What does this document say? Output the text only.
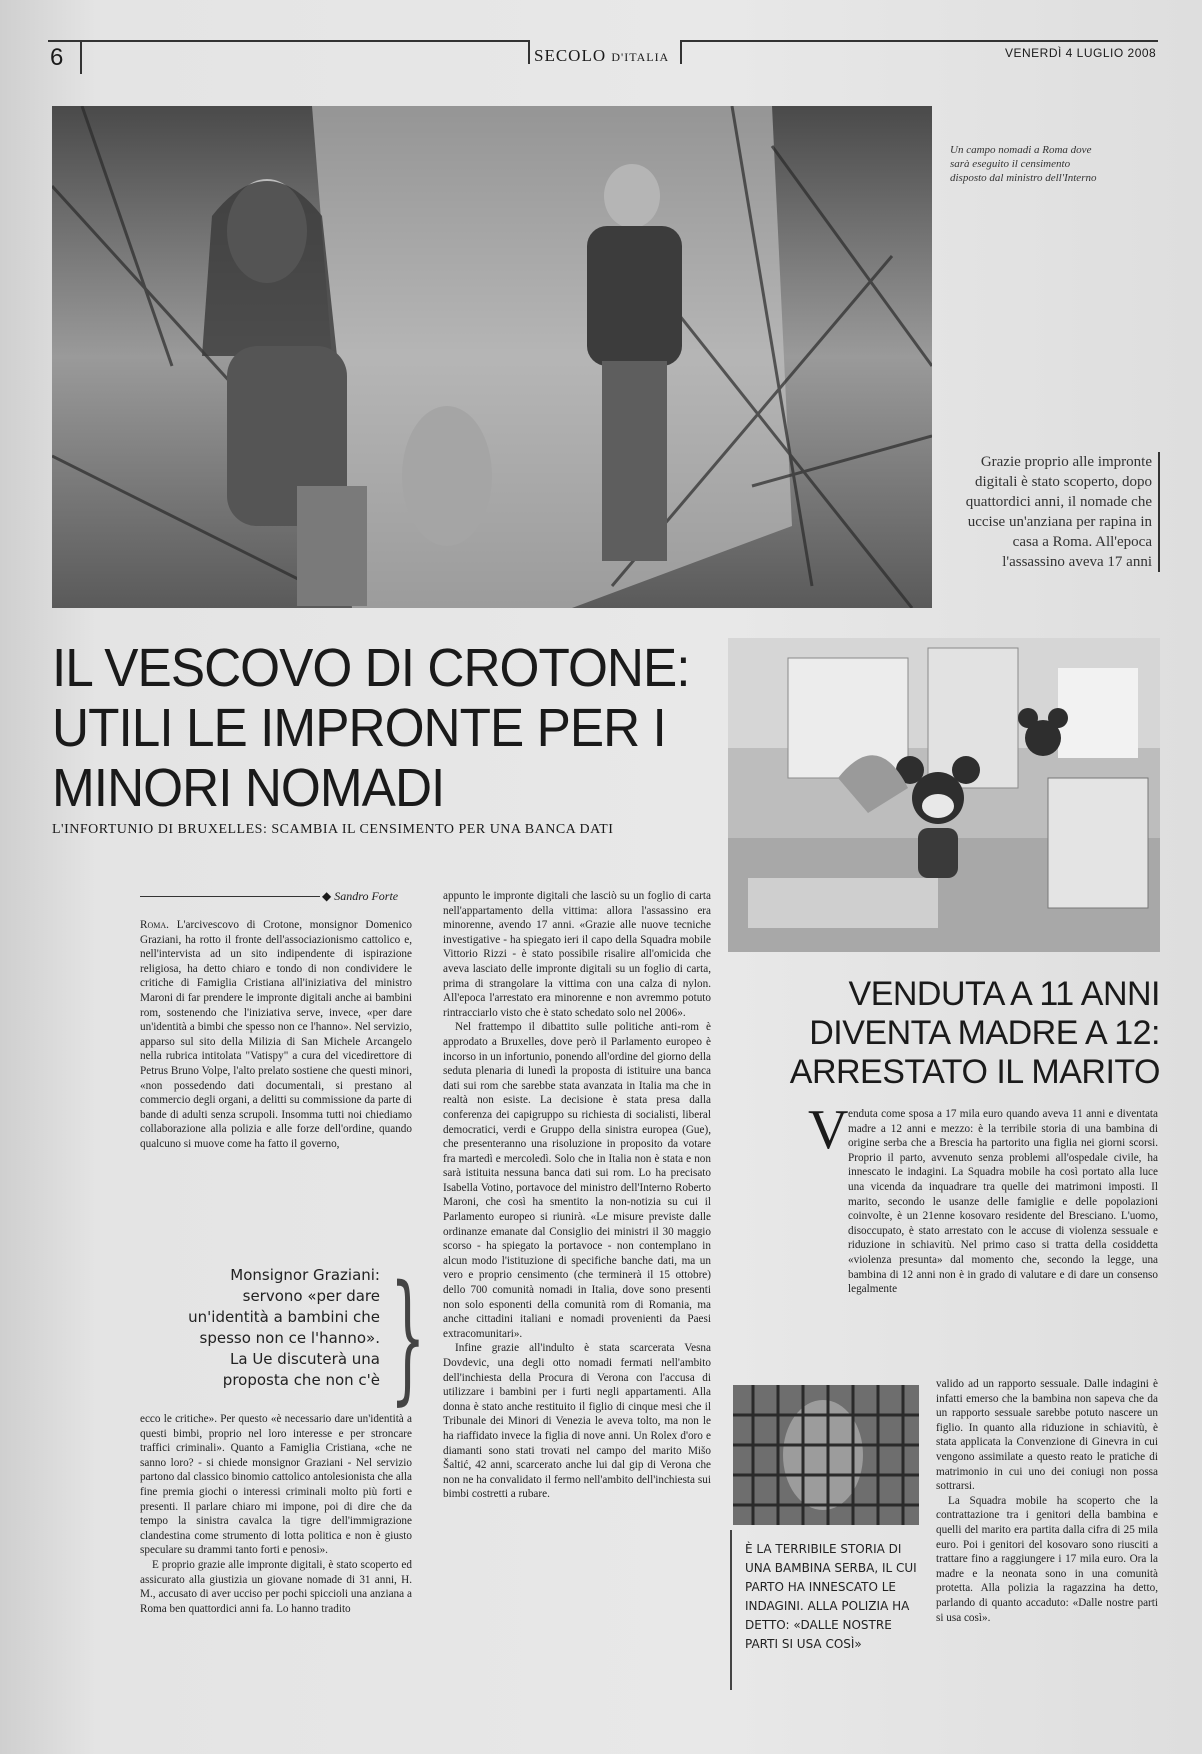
6	SECOLO D'ITALIA	VENERDÌ 4 LUGLIO 2008
Un campo nomadi a Roma dove sarà eseguito il censimento disposto dal ministro dell'Interno
Grazie proprio alle impronte digitali è stato scoperto, dopo quattordici anni, il nomade che uccise un'anziana per rapina in casa a Roma. All'epoca l'assassino aveva 17 anni
IL VESCOVO DI CROTONE: UTILI LE IMPRONTE PER I MINORI NOMADI
L'INFORTUNIO DI BRUXELLES: SCAMBIA IL CENSIMENTO PER UNA BANCA DATI
◆ Sandro Forte

Roma. L'arcivescovo di Crotone, monsignor Domenico Graziani, ha rotto il fronte dell'associazionismo cattolico e, nell'intervista ad un sito indipendente di ispirazione religiosa, ha detto chiaro e tondo di non condividere le critiche di Famiglia Cristiana all'iniziativa del ministro Maroni di far prendere le impronte digitali anche ai bambini rom, sostenendo che l'iniziativa serve, invece, «per dare un'identità a bimbi che spesso non ce l'hanno». Nel servizio, apparso sul sito della Milizia di San Michele Arcangelo nella rubrica intitolata "Vatispy" a cura del vicedirettore di Petrus Bruno Volpe, l'alto prelato sostiene che questi minori, «non possedendo dati documentali, si prestano al commercio degli organi, a delitti su commissione da parte di bande di adulti senza scrupoli. Insomma tutti noi chiediamo collaborazione alla polizia e alle forze dell'ordine, quando qualcuno si muove come ha fatto il governo,

Monsignor Graziani: servono «per dare un'identità a bambini che spesso non ce l'hanno». La Ue discuterà una proposta che non c'è }

ecco le critiche». Per questo «è necessario dare un'identità a questi bimbi, proprio nel loro interesse e per stroncare traffici criminali». Quanto a Famiglia Cristiana, «che ne sanno loro? - si chiede monsignor Graziani - Nel servizio partono dal classico binomio cattolico antolesionista che alla fine premia giochi o interessi criminali molto più forti e presenti. Il parlare chiaro mi impone, poi di dire che da tempo la sinistra cavalca la tigre dell'immigrazione clandestina come strumento di lotta politica e non è giusto speculare su drammi tanto forti e penosi».

E proprio grazie alle impronte digitali, è stato scoperto ed assicurato alla giustizia un giovane nomade di 31 anni, H. M., accusato di aver ucciso per pochi spiccioli una anziana a Roma ben quattordici anni fa. Lo hanno tradito

appunto le impronte digitali che lasciò su un foglio di carta nell'appartamento della vittima: allora l'assassino era minorenne, avendo 17 anni. «Grazie alle nuove tecniche investigative - ha spiegato ieri il capo della Squadra mobile Vittorio Rizzi - è stato possibile risalire all'omicida che aveva lasciato delle impronte digitali su un foglio di carta, prima di strangolare la vittima con una calza di nylon. All'epoca l'arrestato era minorenne e non avremmo potuto rintracciarlo visto che è stato schedato solo nel 2006».

Nel frattempo il dibattito sulle politiche anti-rom è approdato a Bruxelles, dove però il Parlamento europeo è incorso in un infortunio, ponendo all'ordine del giorno della seduta plenaria di lunedì la proposta di istituire una banca dati sui rom che sarebbe stata avanzata in Italia ma che in realtà non esiste. La decisione è stata presa dalla conferenza dei capigruppo su richiesta di socialisti, liberal democratici, verdi e Gruppo della sinistra europea (Gue), che presenteranno una risoluzione in proposito da votare fra martedì e mercoledì. Solo che in Italia non è stata e non sarà istituita nessuna banca dati sui rom. Lo ha precisato Isabella Votino, portavoce del ministro dell'Interno Roberto Maroni, che così ha smentito la non-notizia su cui il Parlamento europeo si riunirà. «Le misure previste dalle ordinanze emanate dal Consiglio dei ministri il 30 maggio scorso - ha spiegato la portavoce - non contemplano in alcun modo l'istituzione di specifiche banche dati, ma un vero e proprio censimento (che terminerà il 15 ottobre) dello 700 comunità nomadi in Italia, dove sono presenti non solo esponenti della comunità rom di Romania, ma anche cittadini italiani e nomadi provenienti da Paesi extracomunitari».

Infine grazie all'indulto è stata scarcerata Vesna Dovdevic, una degli otto nomadi fermati nell'ambito dell'inchiesta della Procura di Verona con l'accusa di utilizzare i bambini per i furti negli appartamenti. Alla donna è stato anche restituito il figlio di cinque mesi che il Tribunale dei Minori di Venezia le aveva tolto, ma non le ha riaffidato invece la figlia di nove anni. Un Rolex d'oro e diamanti sono stati trovati nel campo del marito Mišo Šaltić, 42 anni, scarcerato anche lui dal gip di Verona che non ne ha convalidato il fermo nell'ambito dell'inchiesta sui bimbi costretti a rubare.

VENDUTA A 11 ANNI DIVENTA MADRE A 12: ARRESTATO IL MARITO
V enduta come sposa a 17 mila euro quando aveva 11 anni e diventata madre a 12 anni e mezzo: è la terribile storia di una bambina di origine serba che a Brescia ha partorito una figlia nei giorni scorsi. Proprio il parto, avvenuto senza problemi all'ospedale civile, ha innescato le indagini. La Squadra mobile ha così portato alla luce una vicenda da inquadrare tra quelle dei matrimoni imposti. Il marito, secondo le usanze delle famiglie e delle popolazioni coinvolte, è un 21enne kosovaro residente del Bresciano. L'uomo, disoccupato, è stato arrestato con le accuse di violenza sessuale e riduzione in schiavitù. Nel primo caso si tratta della cosiddetta «violenza presunta» dal momento che, secondo la legge, una bambina di 12 anni non è in grado di valutare e di dare un consenso legalmente

valido ad un rapporto sessuale. Dalle indagini è infatti emerso che la bambina non sapeva che da un rapporto sessuale sarebbe potuto nascere un figlio. In quanto alla riduzione in schiavitù, è stata applicata la Convenzione di Ginevra in cui vengono assimilate a questo reato le pratiche di matrimonio in cui uno dei coniugi non possa sottrarsi.

La Squadra mobile ha scoperto che la contrattazione tra i genitori della bambina e quelli del marito era partita dalla cifra di 25 mila euro. Poi i genitori del kosovaro sono riusciti a trattare fino a raggiungere i 17 mila euro. Ora la madre e la neonata sono in una comunità protetta. Alla polizia la ragazzina ha detto, parlando di quanto accaduto: «Dalle nostre parti si usa così».

È LA TERRIBILE STORIA DI UNA BAMBINA SERBA, IL CUI PARTO HA INNESCATO LE INDAGINI. ALLA POLIZIA HA DETTO: «DALLE NOSTRE PARTI SI USA COSÌ»
